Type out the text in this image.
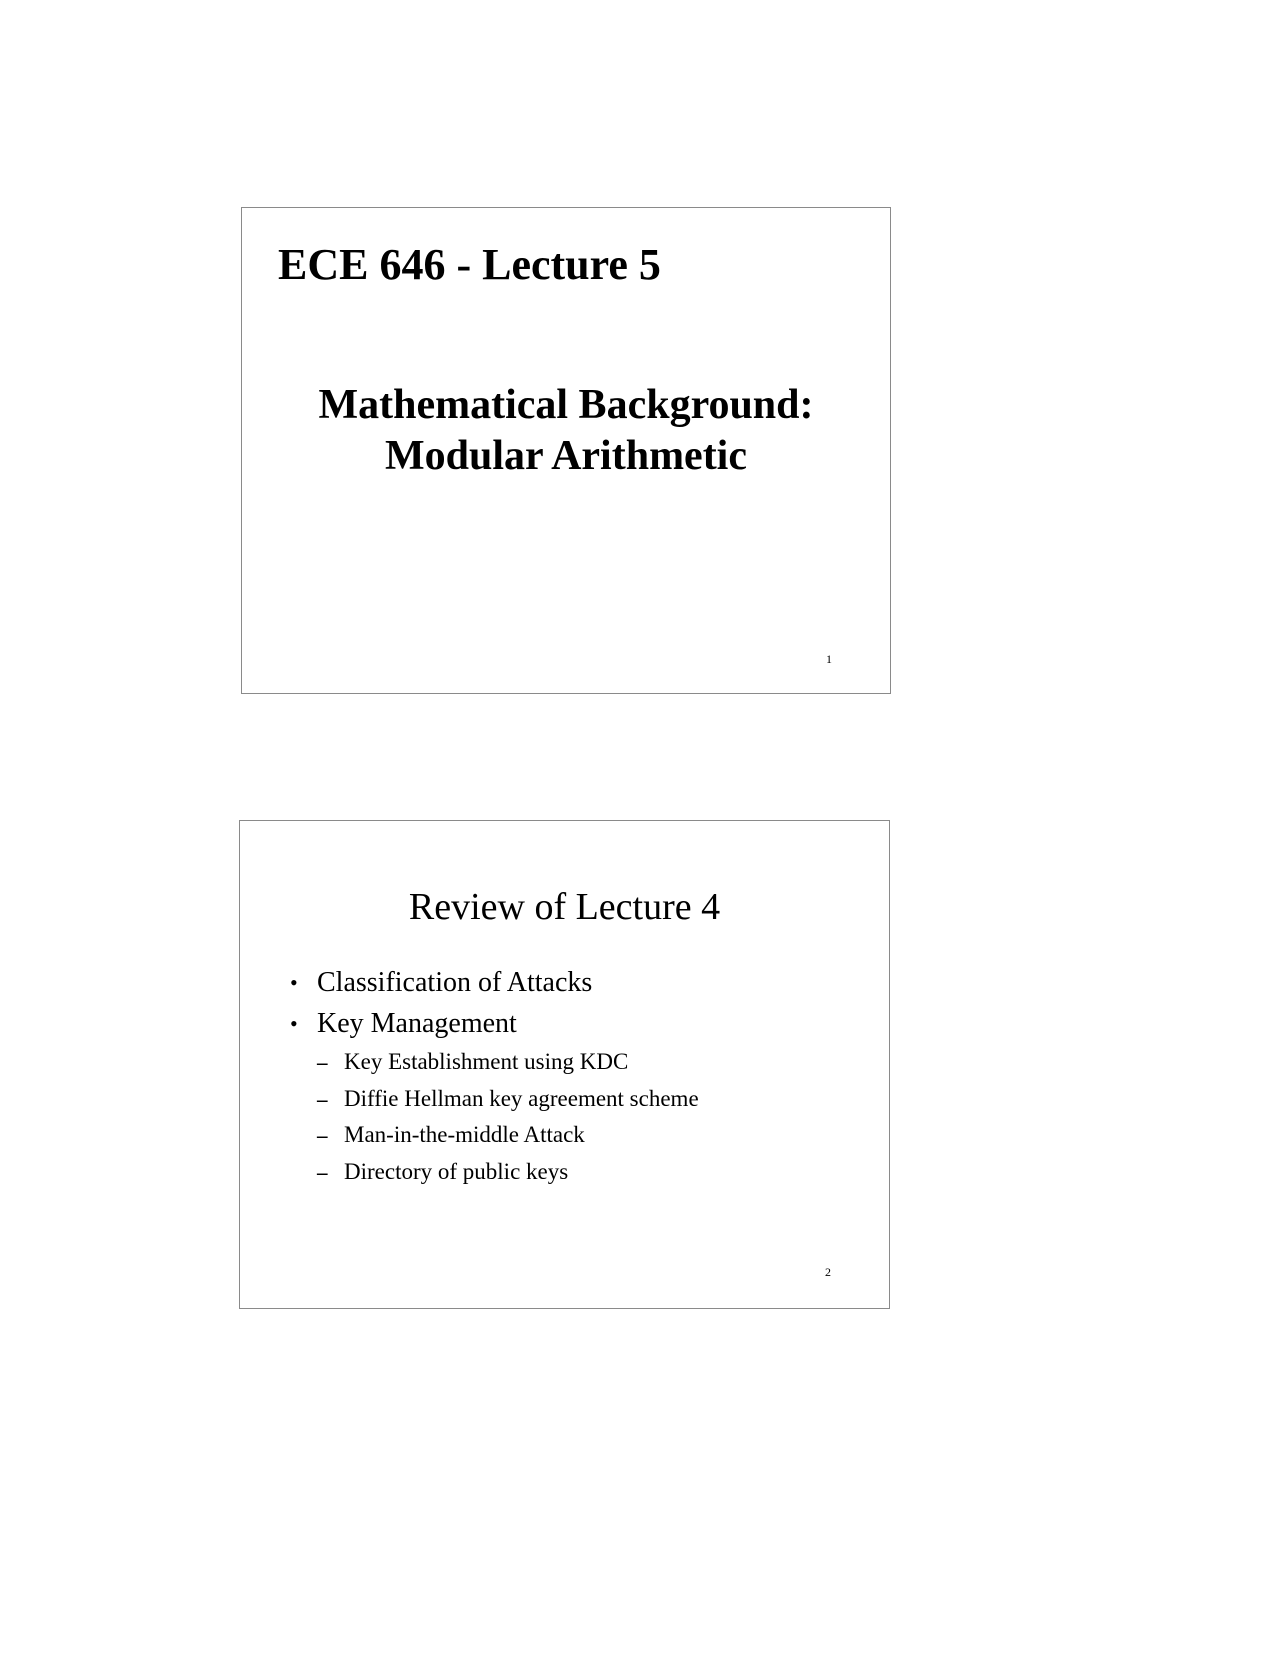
ECE 646 - Lecture 5
Mathematical Background:
Modular Arithmetic
1
Review of Lecture 4
• Classification of Attacks
• Key Management
– Key Establishment using KDC
– Diffie Hellman key agreement scheme
– Man-in-the-middle Attack
– Directory of public keys
2
